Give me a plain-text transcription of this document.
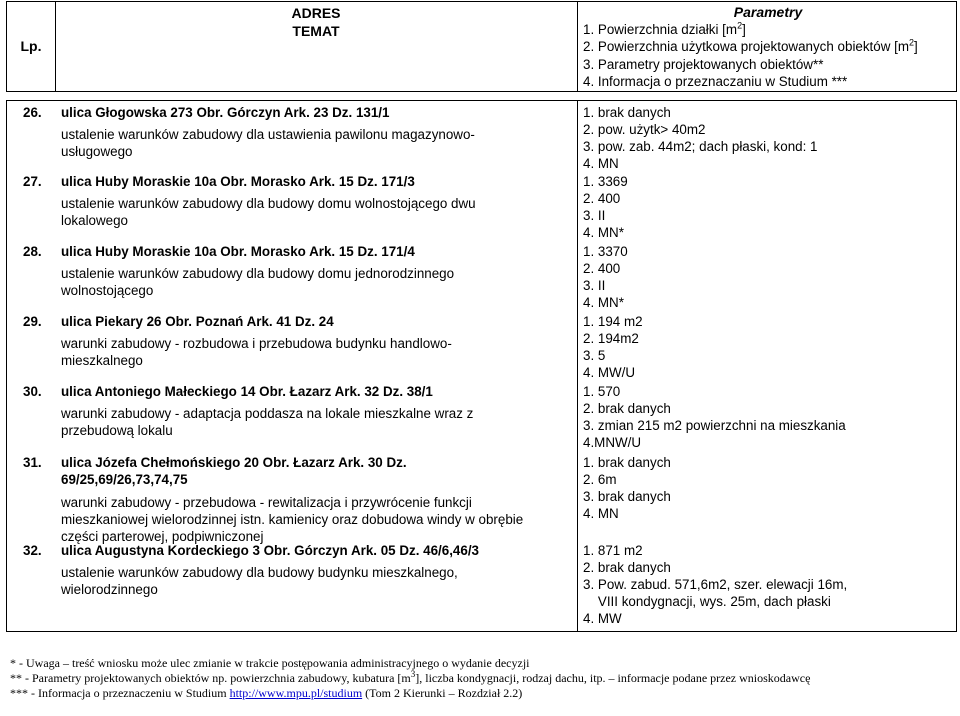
Lp.
ADRES
TEMAT
Parametry
1. Powierzchnia działki $[m^2]$
2. Powierzchnia użytkowa projektowanych obiektów $[m^2]$
3. Parametry projektowanych obiektów**
4. Informacja o przeznaczaniu w Studium ***
26. ulica Głogowska 273 Obr. Górczyn Ark. 23 Dz. 131/1
ustalenie warunków zabudowy dla ustawienia pawilonu magazynowo-usługowego
1. brak danych
2. pow. użytk> 40m2
3. pow. zab. 44m2; dach płaski, kond: 1
4. MN
27. ulica Huby Moraskie 10a Obr. Morasko Ark. 15 Dz. 171/3
ustalenie warunków zabudowy dla budowy domu wolnostojącego dwu lokalowego
1. 3369
2. 400
3. II
4. MN*
28. ulica Huby Moraskie 10a Obr. Morasko Ark. 15 Dz. 171/4
ustalenie warunków zabudowy dla budowy domu jednorodzinnego wolnostojącego
1. 3370
2. 400
3. II
4. MN*
29. ulica Piekary 26 Obr. Poznań Ark. 41 Dz. 24
warunki zabudowy - rozbudowa i przebudowa budynku handlowo-mieszkalnego
1. 194 m2
2. 194m2
3. 5
4. MW/U
30. ulica Antoniego Małeckiego 14 Obr. Łazarz Ark. 32 Dz. 38/1
warunki zabudowy - adaptacja poddasza na lokale mieszkalne wraz z przebudową lokalu
1. 570
2. brak danych
3. zmian 215 m2 powierzchni na mieszkania
4.MNW/U
31. ulica Józefa Chełmońskiego 20 Obr. Łazarz Ark. 30 Dz. 69/25,69/26,73,74,75
warunki zabudowy - przebudowa - rewitalizacja i przywrócenie funkcji mieszkaniowej wielorodzinnej istn. kamienicy oraz dobudowa windy w obrębie części parterowej, podpiwniczonej
1. brak danych
2. 6m
3. brak danych
4. MN
32. ulica Augustyna Kordeckiego 3 Obr. Górczyn Ark. 05 Dz. 46/6,46/3
ustalenie warunków zabudowy dla budowy budynku mieszkalnego, wielorodzinnego
1. 871 m2
2. brak danych
3. Pow. zabud. 571,6m2, szer. elewacji 16m,
VIII kondygnacji, wys. 25m, dach płaski
4. MW
* - Uwaga – treść wniosku może ulec zmianie w trakcie postępowania administracyjnego o wydanie decyzji
** - Parametry projektowanych obiektów np. powierzchnia zabudowy, kubatura $[m^3]$, liczba kondygnacji, rodzaj dachu, itp. – informacje podane przez wnioskodawcę
*** - Informacja o przeznaczeniu w Studium http://www.mpu.pl/studium (Tom 2 Kierunki – Rozdział 2.2)
